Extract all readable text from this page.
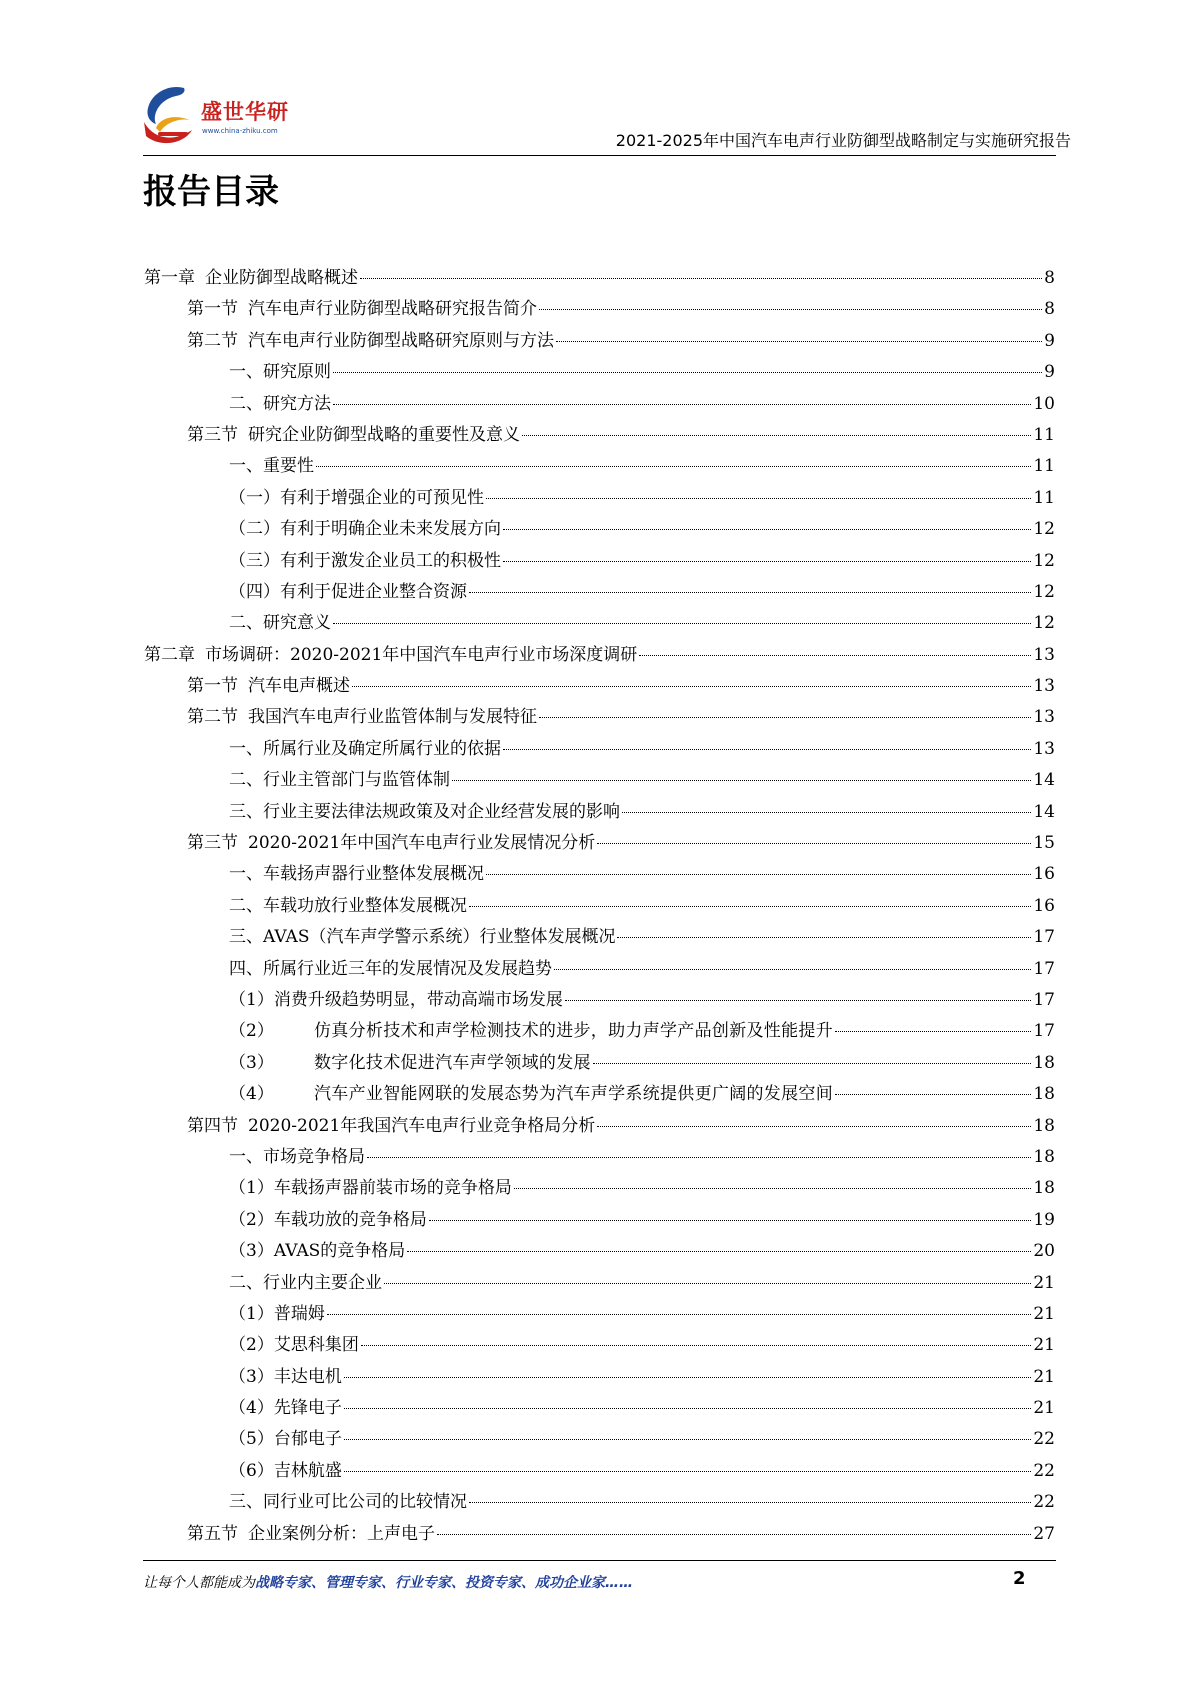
盛世华研
www.china-zhiku.com	2021-2025年中国汽车电声行业防御型战略制定与实施研究报告
报告目录
第一章 企业防御型战略概述	8
第一节 汽车电声行业防御型战略研究报告简介	8
第二节 汽车电声行业防御型战略研究原则与方法	9
一、 研究原则	9
二、 研究方法	10
第三节 研究企业防御型战略的重要性及意义	11
一、 重要性	11
（一） 有利于增强企业的可预见性	11
（二） 有利于明确企业未来发展方向	12
（三） 有利于激发企业员工的积极性	12
（四） 有利于促进企业整合资源	12
二、 研究意义	12
第二章 市场调研：2020-2021年中国汽车电声行业市场深度调研	13
第一节 汽车电声概述	13
第二节 我国汽车电声行业监管体制与发展特征	13
一、 所属行业及确定所属行业的依据	13
二、 行业主管部门与监管体制	14
三、 行业主要法律法规政策及对企业经营发展的影响	14
第三节 2020-2021年中国汽车电声行业发展情况分析	15
一、 车载扬声器行业整体发展概况	16
二、 车载功放行业整体发展概况	16
三、 AVAS（汽车声学警示系统）行业整体发展概况	17
四、 所属行业近三年的发展情况及发展趋势	17
（1） 消费升级趋势明显，带动高端市场发展	17
（2）	仿真分析技术和声学检测技术的进步，助力声学产品创新及性能提升	17
（3）	数字化技术促进汽车声学领域的发展	18
（4）	汽车产业智能网联的发展态势为汽车声学系统提供更广阔的发展空间	18
第四节 2020-2021年我国汽车电声行业竞争格局分析	18
一、 市场竞争格局	18
（1） 车载扬声器前装市场的竞争格局	18
（2） 车载功放的竞争格局	19
（3） AVAS的竞争格局	20
二、 行业内主要企业	21
（1） 普瑞姆	21
（2） 艾思科集团	21
（3） 丰达电机	21
（4） 先锋电子	21
（5） 台郁电子	22
（6） 吉林航盛	22
三、 同行业可比公司的比较情况	22
第五节 企业案例分析：上声电子	27
让每个人都能成为战略专家、管理专家、行业专家、投资专家、成功企业家……	2
